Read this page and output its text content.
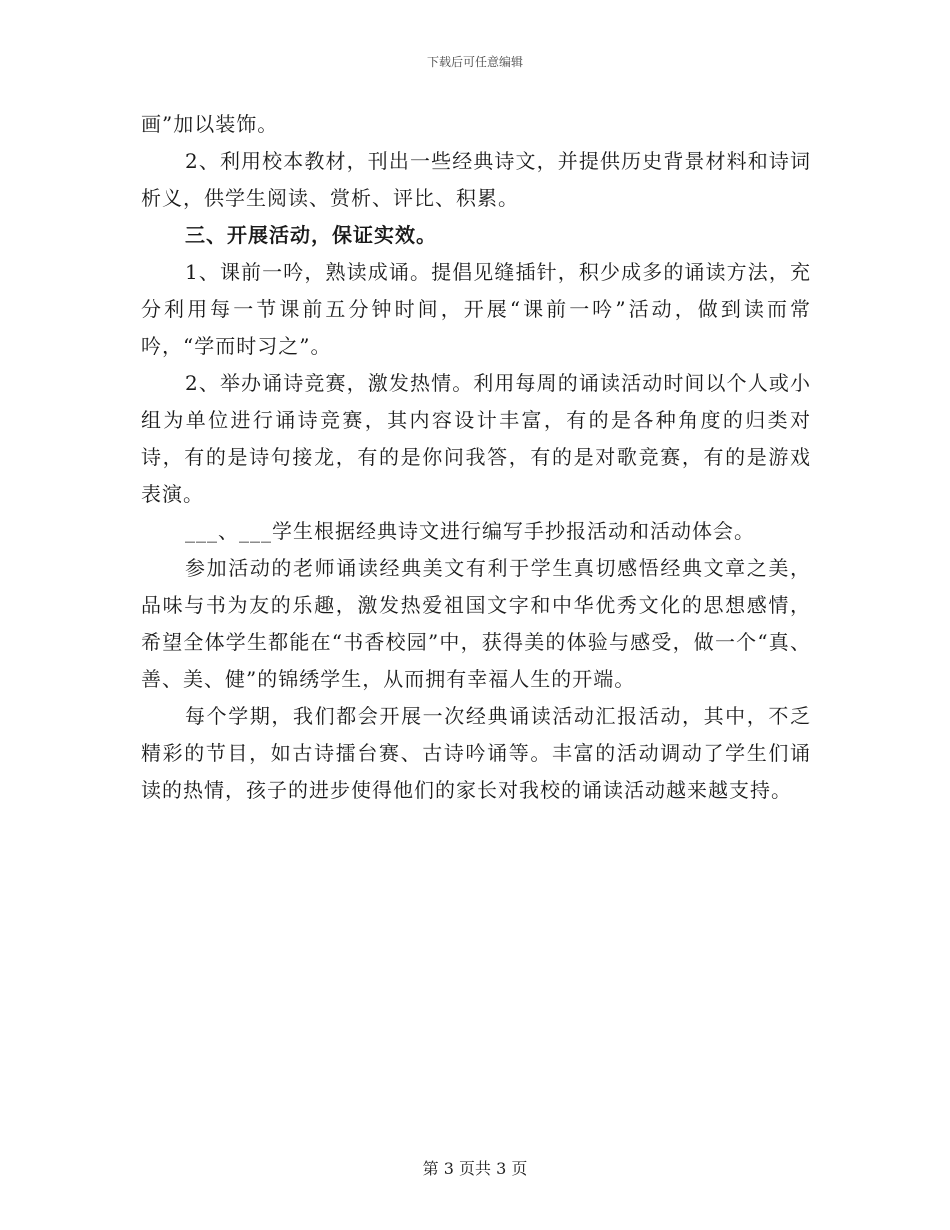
下载后可任意编辑

画”加以装饰。

2、利用校本教材，刊出一些经典诗文，并提供历史背景材料和诗词析义，供学生阅读、赏析、评比、积累。

三、开展活动，保证实效。

1、课前一吟，熟读成诵。提倡见缝插针，积少成多的诵读方法，充分利用每一节课前五分钟时间，开展“课前一吟”活动，做到读而常吟，“学而时习之”。

2、举办诵诗竞赛，激发热情。利用每周的诵读活动时间以个人或小组为单位进行诵诗竞赛，其内容设计丰富，有的是各种角度的归类对诗，有的是诗句接龙，有的是你问我答，有的是对歌竞赛，有的是游戏表演。

___、___学生根据经典诗文进行编写手抄报活动和活动体会。

参加活动的老师诵读经典美文有利于学生真切感悟经典文章之美，品味与书为友的乐趣，激发热爱祖国文字和中华优秀文化的思想感情，希望全体学生都能在“书香校园”中，获得美的体验与感受，做一个“真、善、美、健”的锦绣学生，从而拥有幸福人生的开端。

每个学期，我们都会开展一次经典诵读活动汇报活动，其中，不乏精彩的节目，如古诗擂台赛、古诗吟诵等。丰富的活动调动了学生们诵读的热情，孩子的进步使得他们的家长对我校的诵读活动越来越支持。

第 3 页共 3 页
